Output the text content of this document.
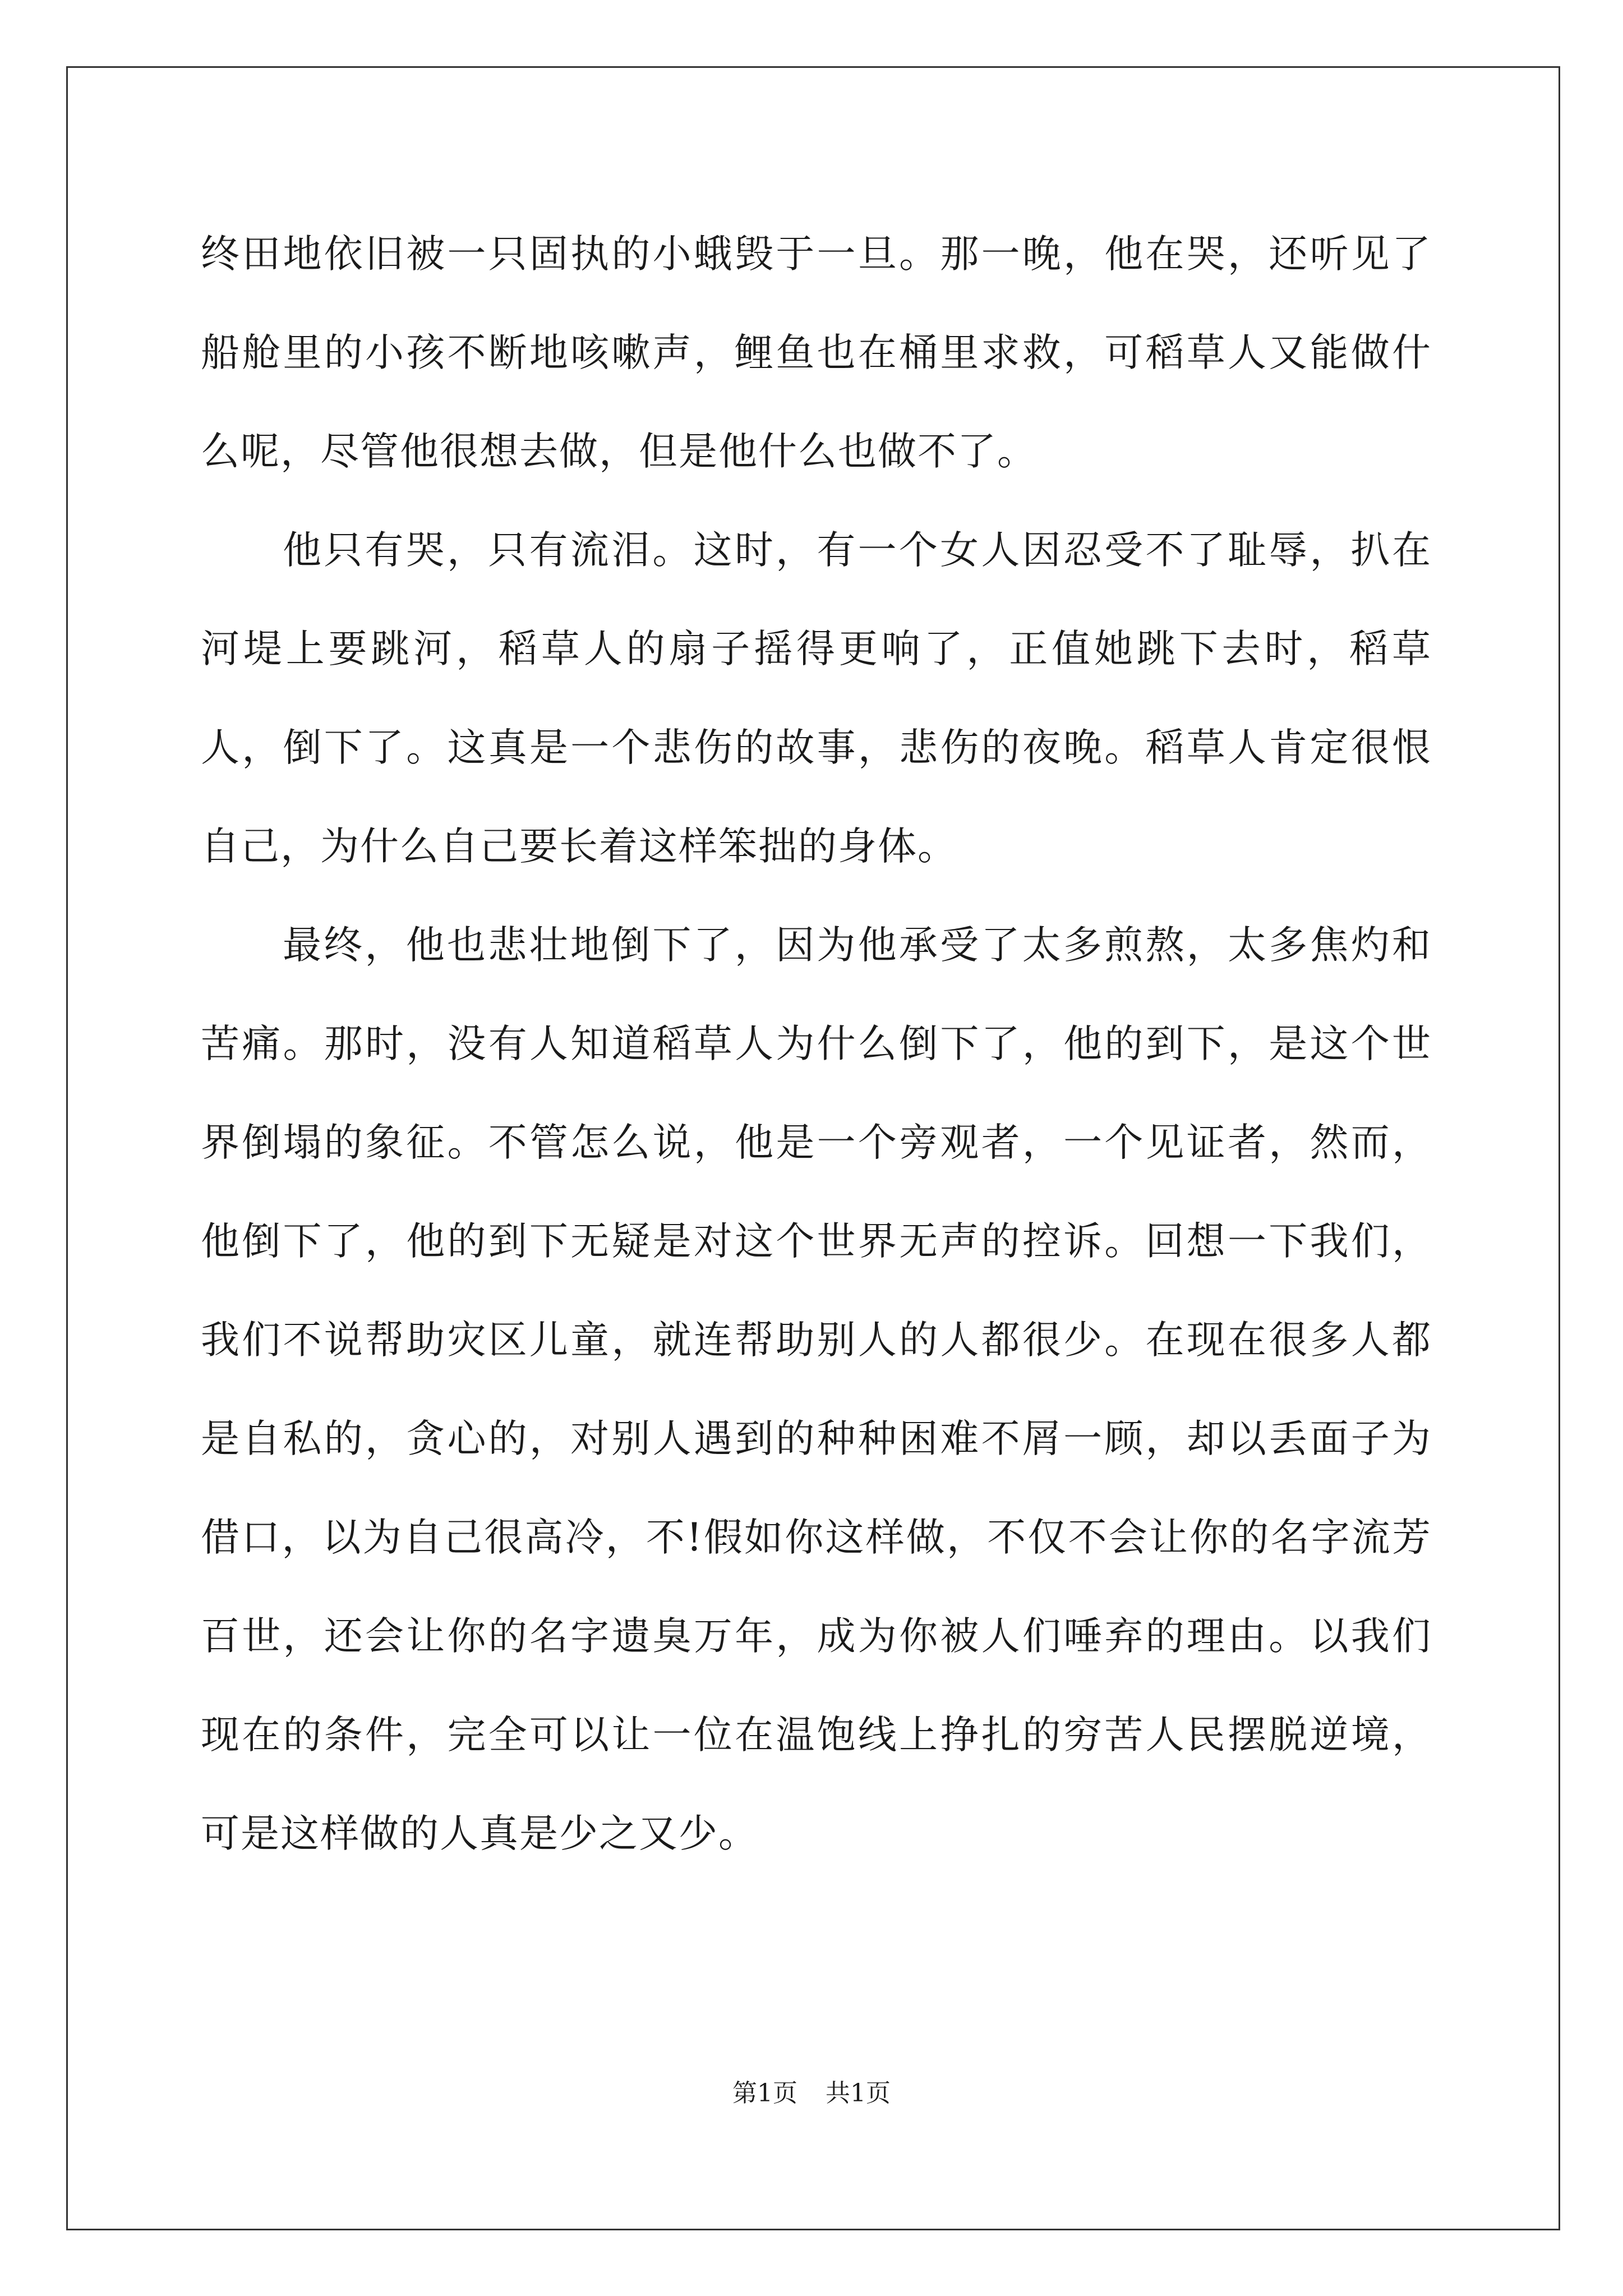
终田地依旧被一只固执的小蛾毁于一旦。那一晚，他在哭，还听见了船舱里的小孩不断地咳嗽声，鲤鱼也在桶里求救，可稻草人又能做什么呢，尽管他很想去做，但是他什么也做不了。

他只有哭，只有流泪。这时，有一个女人因忍受不了耻辱，扒在河堤上要跳河，稻草人的扇子摇得更响了，正值她跳下去时，稻草人，倒下了。这真是一个悲伤的故事，悲伤的夜晚。稻草人肯定很恨自己，为什么自己要长着这样笨拙的身体。

最终，他也悲壮地倒下了，因为他承受了太多煎熬，太多焦灼和苦痛。那时，没有人知道稻草人为什么倒下了，他的到下，是这个世界倒塌的象征。不管怎么说，他是一个旁观者，一个见证者，然而，他倒下了，他的到下无疑是对这个世界无声的控诉。回想一下我们，我们不说帮助灾区儿童，就连帮助别人的人都很少。在现在很多人都是自私的，贪心的，对别人遇到的种种困难不屑一顾，却以丢面子为借口，以为自己很高冷，不!假如你这样做，不仅不会让你的名字流芳百世，还会让你的名字遗臭万年，成为你被人们唾弃的理由。以我们现在的条件，完全可以让一位在温饱线上挣扎的穷苦人民摆脱逆境，可是这样做的人真是少之又少。

第1页 共1页
